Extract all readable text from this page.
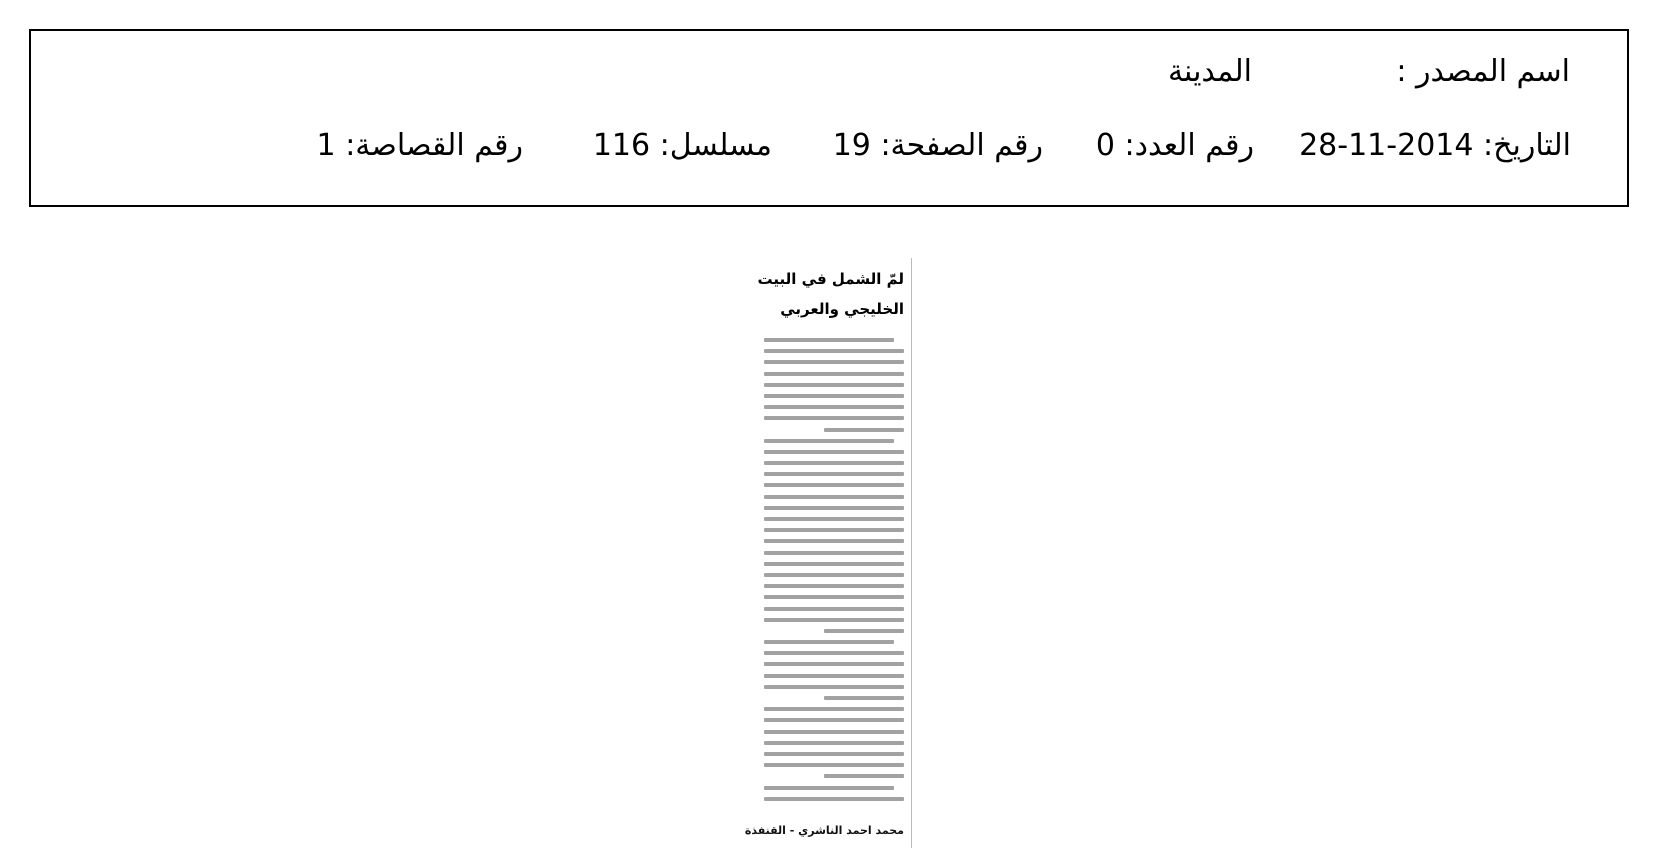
اسم المصدر :
المدينة
التاريخ: 2014-11-28
رقم العدد: 0
رقم الصفحة: 19
مسلسل: 116
رقم القصاصة: 1
لمّ الشمل في البيت
الخليجي والعربي
محمد احمد الناشري - القنفذة
